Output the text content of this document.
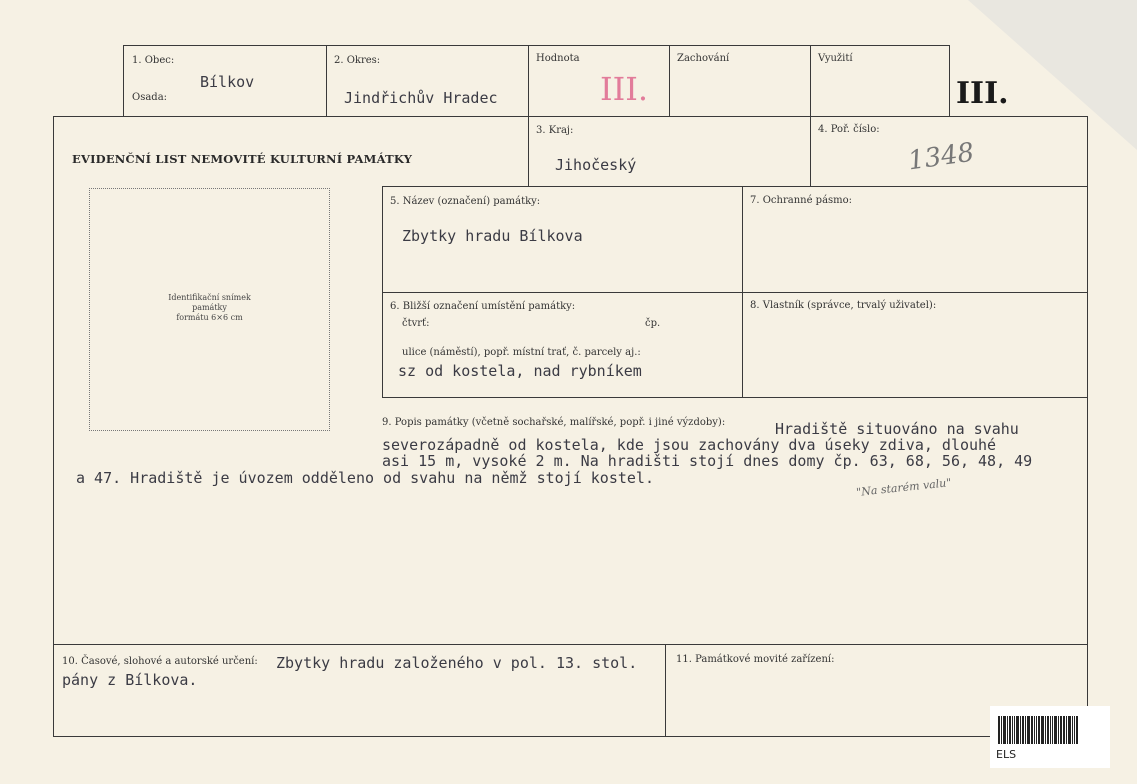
1. Obec:
Bílkov
Osada:
2. Okres:
Jindřichův Hradec
Hodnota
III.
Zachování	Využití
III.
EVIDENČNÍ LIST NEMOVITÉ KULTURNÍ PAMÁTKY
3. Kraj:
Jihočeský
4. Poř. číslo:
1348
Identifikační snímek
památky
formátu 6×6 cm
5. Název (označení) památky:
Zbytky hradu Bílkova
7. Ochranné pásmo:
6. Bližší označení umístění památky:
čtvrť:	čp.
ulice (náměstí), popř. místní trať, č. parcely aj.:
sz od kostela, nad rybníkem
8. Vlastník (správce, trvalý uživatel):
9. Popis památky (včetně sochařské, malířské, popř. i jiné výzdoby):	Hradiště situováno na svahu
severozápadně od kostela, kde jsou zachovány dva úseky zdiva, dlouhé
asi 15 m, vysoké 2 m. Na hradišti stojí dnes domy čp. 63, 68, 56, 48, 49
a 47. Hradiště je úvozem odděleno od svahu na němž stojí kostel.	"Na starém valu"
10. Časové, slohové a autorské určení: Zbytky hradu založeného v pol. 13. stol.
pány z Bílkova.
11. Památkové movité zařízení:
ELS
